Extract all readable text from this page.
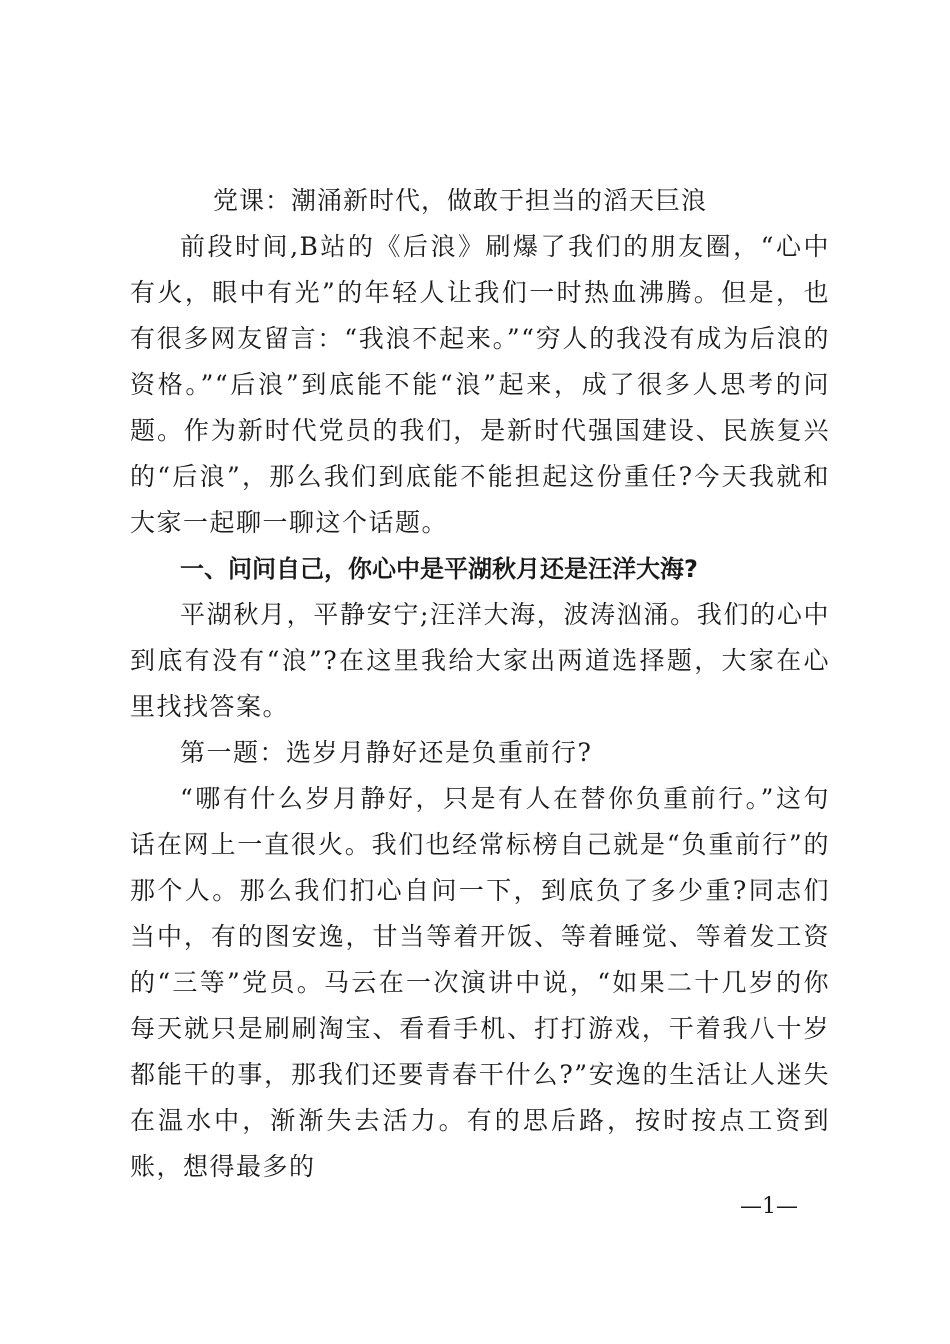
党课：潮涌新时代，做敢于担当的滔天巨浪

前段时间,B站的《后浪》刷爆了我们的朋友圈，“心中有火，眼中有光”的年轻人让我们一时热血沸腾。但是，也有很多网友留言：“我浪不起来。”“穷人的我没有成为后浪的资格。”“后浪”到底能不能“浪”起来，成了很多人思考的问题。作为新时代党员的我们，是新时代强国建设、民族复兴的“后浪”，那么我们到底能不能担起这份重任?今天我就和大家一起聊一聊这个话题。

一、问问自己，你心中是平湖秋月还是汪洋大海?

平湖秋月，平静安宁;汪洋大海，波涛汹涌。我们的心中到底有没有“浪”?在这里我给大家出两道选择题，大家在心里找找答案。

第一题：选岁月静好还是负重前行?

“哪有什么岁月静好，只是有人在替你负重前行。”这句话在网上一直很火。我们也经常标榜自己就是“负重前行”的那个人。那么我们扪心自问一下，到底负了多少重?同志们当中，有的图安逸，甘当等着开饭、等着睡觉、等着发工资的“三等”党员。马云在一次演讲中说，“如果二十几岁的你每天就只是刷刷淘宝、看看手机、打打游戏，干着我八十岁都能干的事，那我们还要青春干什么?”安逸的生活让人迷失在温水中，渐渐失去活力。有的思后路，按时按点工资到账，想得最多的

—1—
